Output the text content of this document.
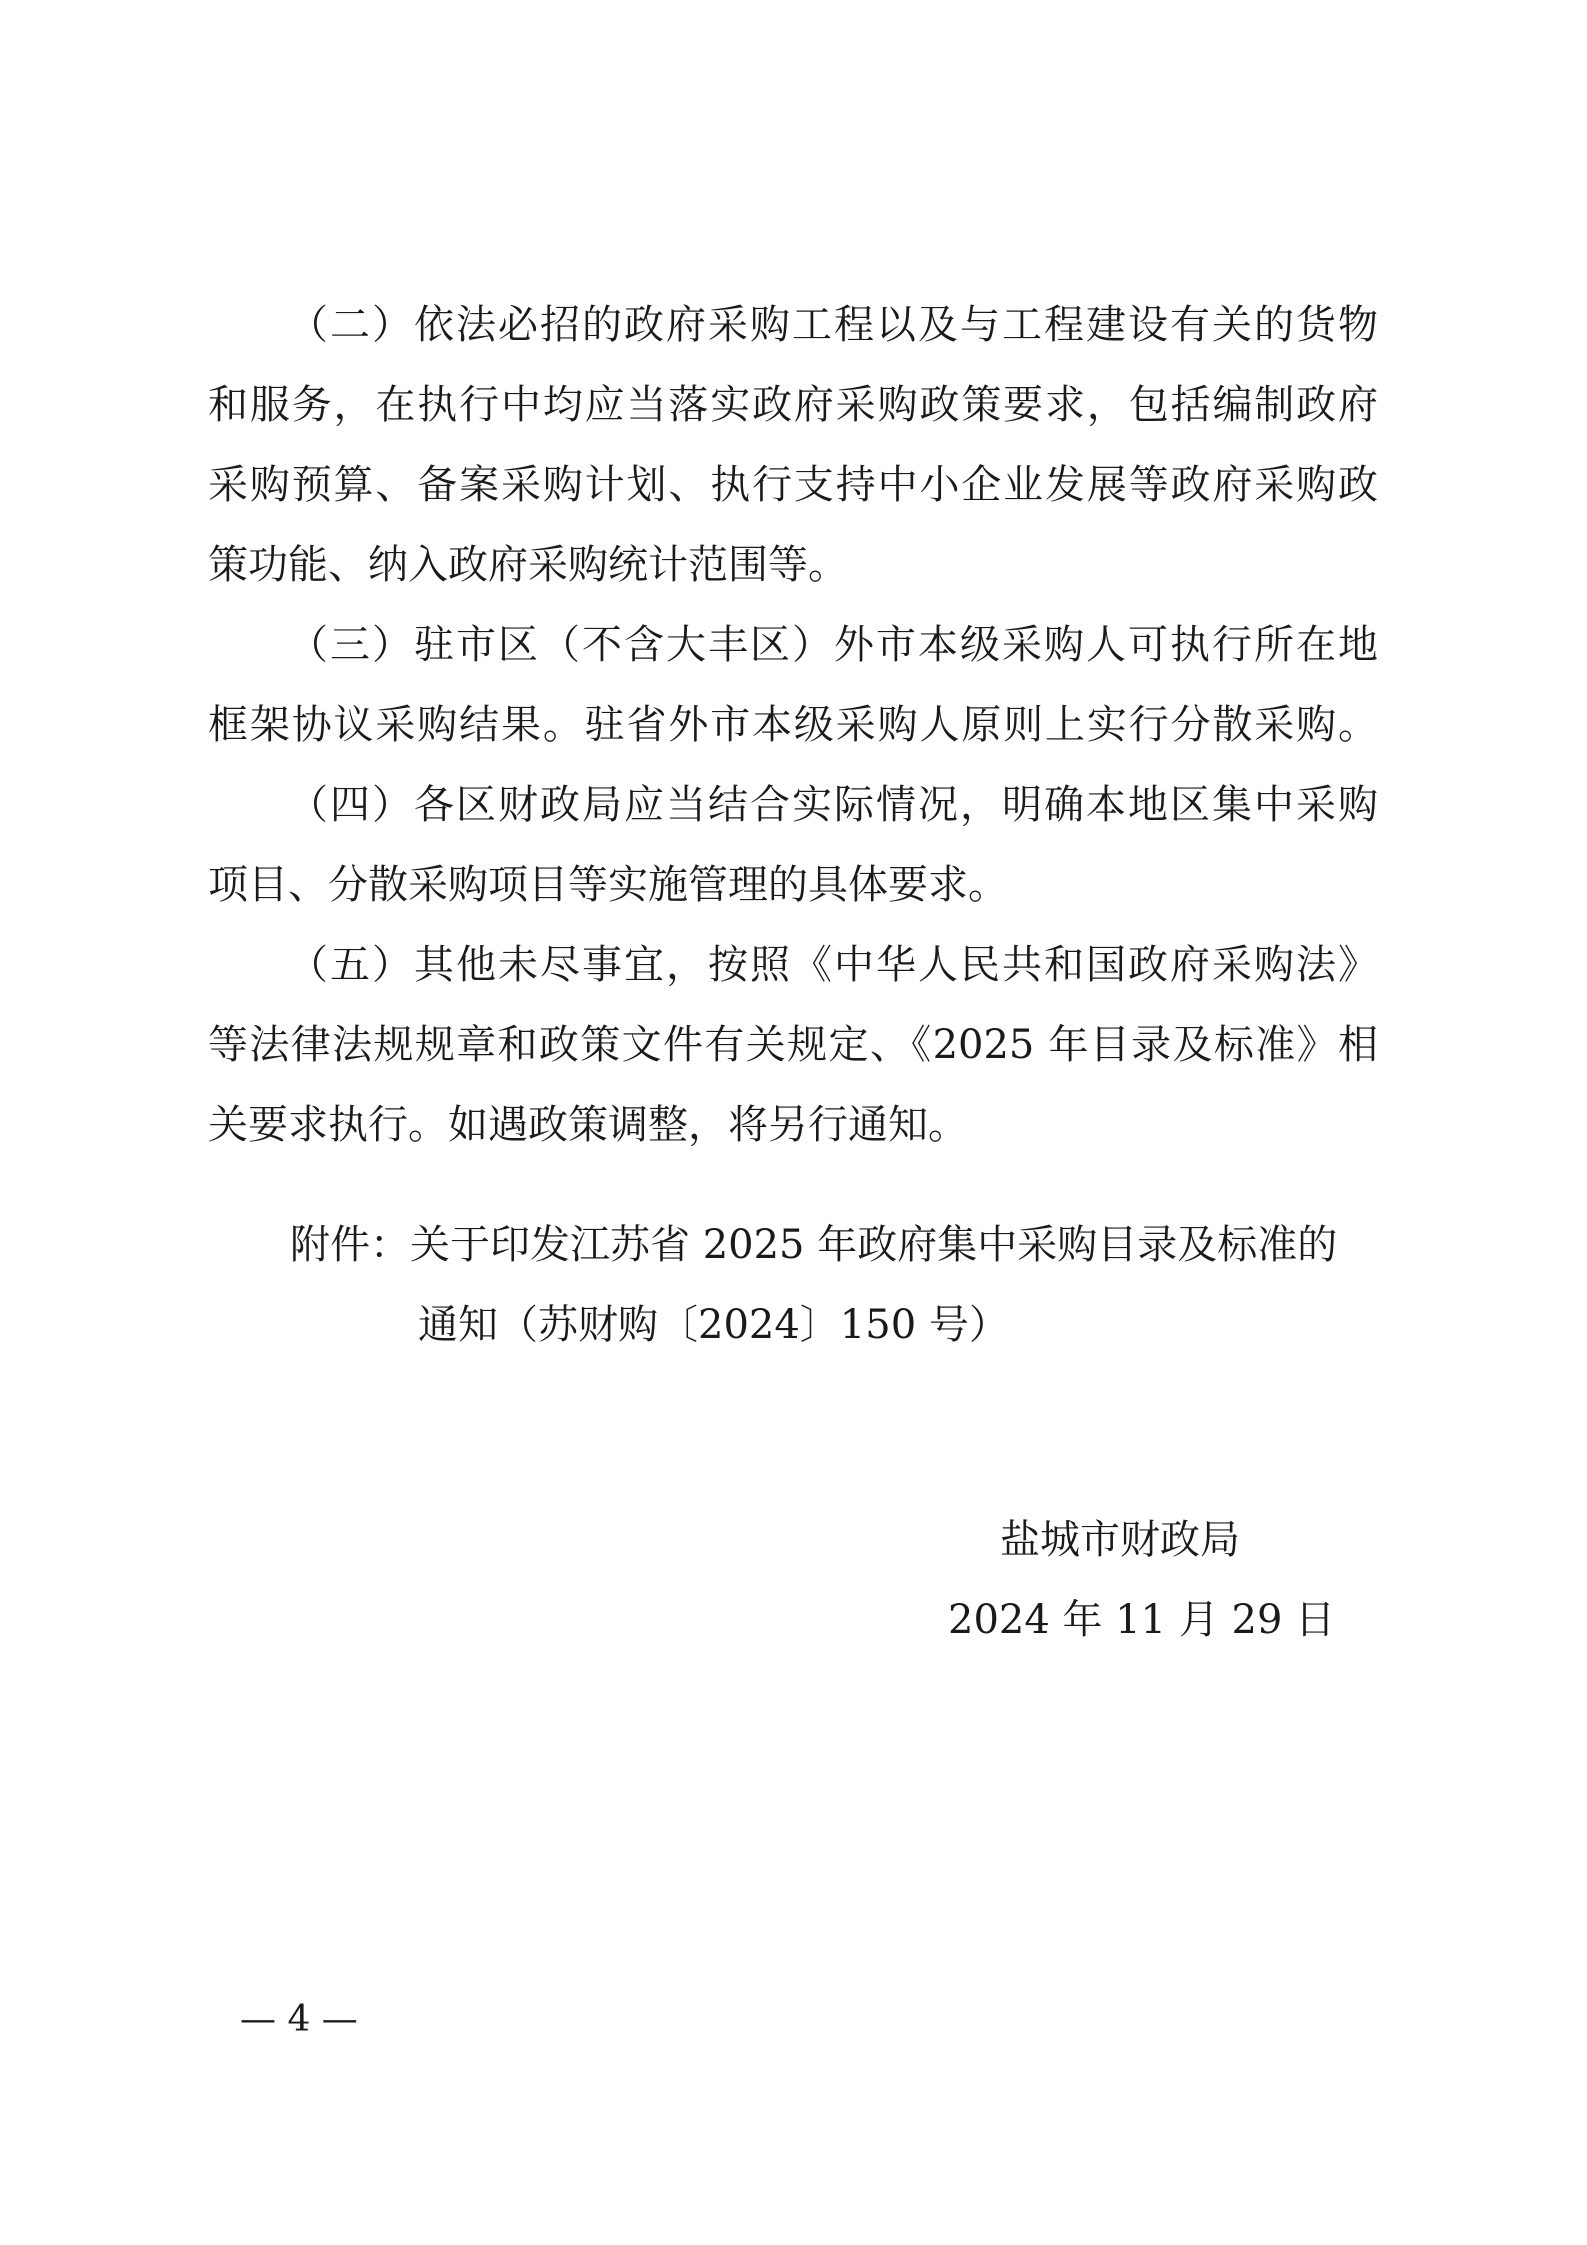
（二）依法必招的政府采购工程以及与工程建设有关的货物
和服务，在执行中均应当落实政府采购政策要求，包括编制政府
采购预算、备案采购计划、执行支持中小企业发展等政府采购政
策功能、纳入政府采购统计范围等。
（三）驻市区（不含大丰区）外市本级采购人可执行所在地
框架协议采购结果。驻省外市本级采购人原则上实行分散采购。
（四）各区财政局应当结合实际情况，明确本地区集中采购
项目、分散采购项目等实施管理的具体要求。
（五）其他未尽事宜，按照《中华人民共和国政府采购法》
等法律法规规章和政策文件有关规定、《2025 年目录及标准》相
关要求执行。如遇政策调整，将另行通知。
附件：关于印发江苏省 2025 年政府集中采购目录及标准的
通知（苏财购〔2024〕150 号）
盐城市财政局
2024 年 11 月 29 日
— 4 —
